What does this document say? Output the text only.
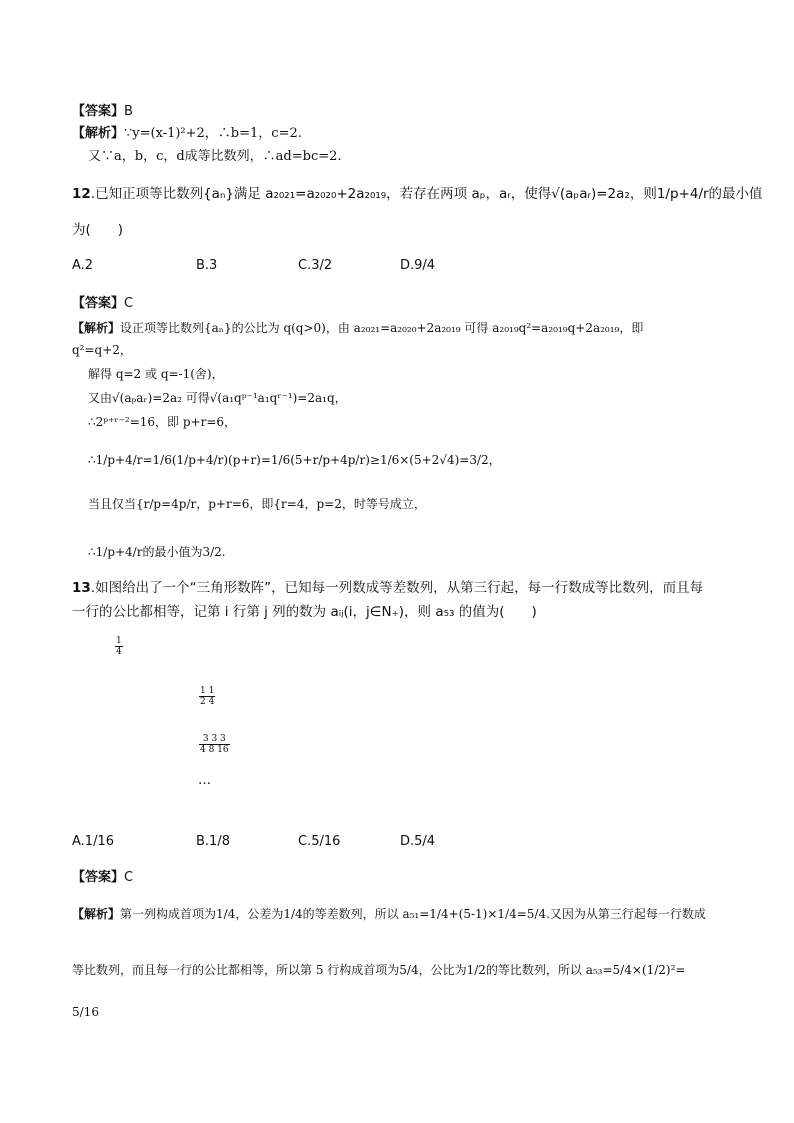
【答案】B
【解析】∵y=(x-1)²+2，∴b=1，c=2.
又∵a，b，c，d成等比数列，∴ad=bc=2.
12.已知正项等比数列{aₙ}满足 a₂₀₂₁=a₂₀₂₀+2a₂₀₁₉，若存在两项 aₚ，aᵣ，使得√(aₚaᵣ)=2a₂，则1/p+4/r的最小值
为(　　)
A.2	B.3	C.3/2	D.9/4
【答案】C
【解析】设正项等比数列{aₙ}的公比为 q(q>0)，由 a₂₀₂₁=a₂₀₂₀+2a₂₀₁₉ 可得 a₂₀₁₉q²=a₂₀₁₉q+2a₂₀₁₉，即
q²=q+2，
解得 q=2 或 q=-1(舍)，
又由√(aₚaᵣ)=2a₂ 可得√(a₁qᵖ⁻¹a₁qʳ⁻¹)=2a₁q，
∴2ᵖ⁺ʳ⁻²=16，即 p+r=6，
∴1/p+4/r=1/6(1/p+4/r)(p+r)=1/6(5+r/p+4p/r)≥1/6×(5+2√4)=3/2，
当且仅当{r/p=4p/r，p+r=6，即{r=4，p=2，时等号成立，
∴1/p+4/r的最小值为3/2.
13.如图给出了一个“三角形数阵”，已知每一列数成等差数列，从第三行起，每一行数成等比数列，而且每
一行的公比都相等，记第 i 行第 j 列的数为 aᵢⱼ(i，j∈N₊)，则 a₅₃ 的值为(　　)
$\frac{1}{4}$
$\frac{1 1}{2 4}$
$\frac{3 3 3}{4 8 16}$
…
A.1/16	B.1/8	C.5/16	D.5/4
【答案】C
【解析】第一列构成首项为1/4，公差为1/4的等差数列，所以 a₅₁=1/4+(5-1)×1/4=5/4.又因为从第三行起每一行数成
等比数列，而且每一行的公比都相等，所以第 5 行构成首项为5/4，公比为1/2的等比数列，所以 a₅₃=5/4×(1/2)²=
5/16
